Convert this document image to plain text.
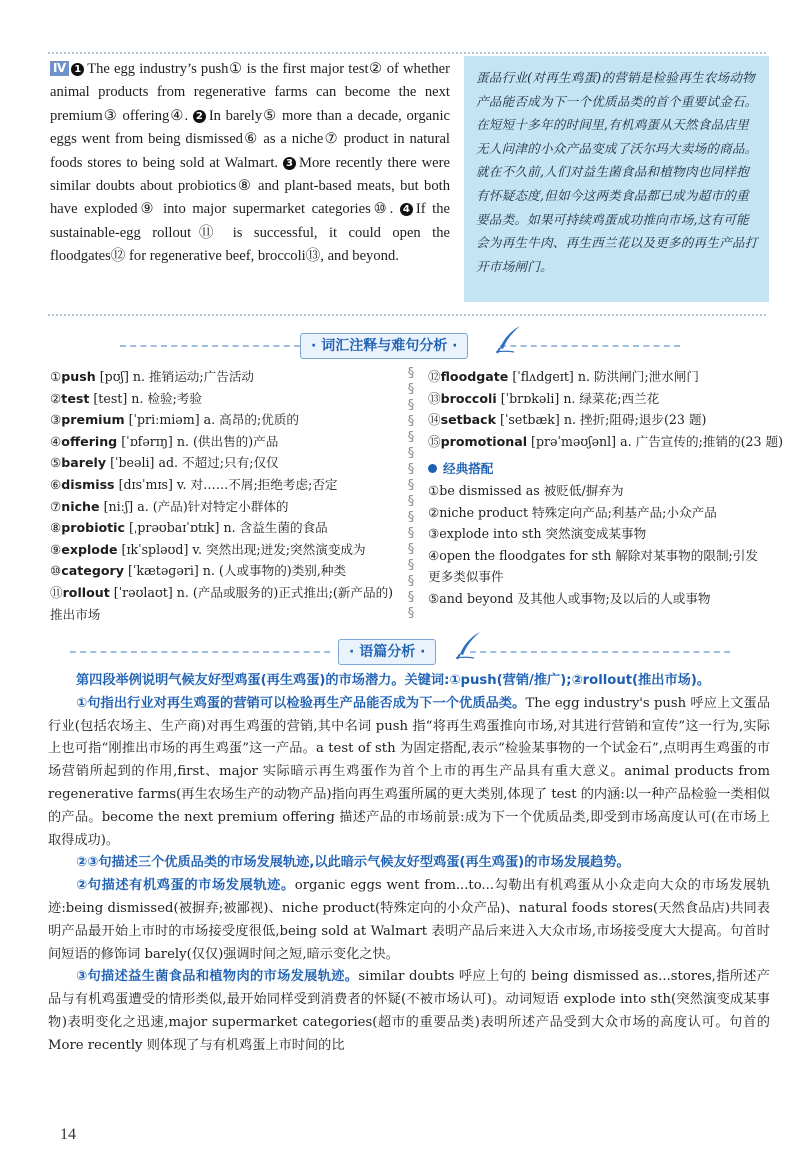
Ⅳ 1 The egg industry’s push① is the first major test② of whether animal products from regenerative farms can become the next premium③ offering④. 2 In barely⑤ more than a decade, organic eggs went from being dismissed⑥ as a niche⑦ product in natural foods stores to being sold at Walmart. 3 More recently there were similar doubts about probiotics⑧ and plant-based meats, but both have exploded⑨ into major supermarket categories⑩. 4 If the sustainable-egg rollout⑪ is successful, it could open the floodgates⑫ for regenerative beef, broccoli⑬, and beyond.
蛋品行业(对再生鸡蛋)的营销是检验再生农场动物产品能否成为下一个优质品类的首个重要试金石。在短短十多年的时间里,有机鸡蛋从天然食品店里无人问津的小众产品变成了沃尔玛大卖场的商品。就在不久前,人们对益生菌食品和植物肉也同样抱有怀疑态度,但如今这两类食品都已成为超市的重要品类。如果可持续鸡蛋成功推向市场,这有可能会为再生牛肉、再生西兰花以及更多的再生产品打开市场闸门。
· 词汇注释与难句分析 ·
①push [pʊʃ] n. 推销运动;广告活动
②test [test] n. 检验;考验
③premium [ˈpriːmiəm] a. 高昂的;优质的
④offering [ˈɒfərɪŋ] n. (供出售的)产品
⑤barely [ˈbeəli] ad. 不超过;只有;仅仅
⑥dismiss [dɪsˈmɪs] v. 对……不屑;拒绝考虑;否定
⑦niche [niːʃ] a. (产品)针对特定小群体的
⑧probiotic [ˌprəʊbaɪˈɒtɪk] n. 含益生菌的食品
⑨explode [ɪkˈspləʊd] v. 突然出现;迸发;突然演变成为
⑩category [ˈkætəɡəri] n. (人或事物的)类别,种类
⑪rollout [ˈrəʊlaʊt] n. (产品或服务的)正式推出;(新产品的)推出市场
§
§
§
§
§
§
§
§
§
§
§
§
§
§
§
§
⑫floodgate [ˈflʌdɡeɪt] n. 防洪闸门;泄水闸门
⑬broccoli [ˈbrɒkəli] n. 绿菜花;西兰花
⑭setback [ˈsetbæk] n. 挫折;阻碍;退步(23 题)
⑮promotional [prəˈməʊʃənl] a. 广告宣传的;推销的(23 题)
经典搭配
①be dismissed as 被贬低/摒弃为
②niche product 特殊定向产品;利基产品;小众产品
③explode into sth 突然演变成某事物
④open the floodgates for sth 解除对某事物的限制;引发更多类似事件
⑤and beyond 及其他人或事物;及以后的人或事物
· 语篇分析 ·

第四段举例说明气候友好型鸡蛋(再生鸡蛋)的市场潜力。关键词:①push(营销/推广);②rollout(推出市场)。

①句指出行业对再生鸡蛋的营销可以检验再生产品能否成为下一个优质品类。The egg industry's push 呼应上文蛋品行业(包括农场主、生产商)对再生鸡蛋的营销,其中名词 push 指“将再生鸡蛋推向市场,对其进行营销和宣传”这一行为,实际上也可指“刚推出市场的再生鸡蛋”这一产品。a test of sth 为固定搭配,表示“检验某事物的一个试金石”,点明再生鸡蛋的市场营销所起到的作用,first、major 实际暗示再生鸡蛋作为首个上市的再生产品具有重大意义。animal products from regenerative farms(再生农场生产的动物产品)指向再生鸡蛋所属的更大类别,体现了 test 的内涵:以一种产品检验一类相似的产品。become the next premium offering 描述产品的市场前景:成为下一个优质品类,即受到市场高度认可(在市场上取得成功)。

②③句描述三个优质品类的市场发展轨迹,以此暗示气候友好型鸡蛋(再生鸡蛋)的市场发展趋势。

②句描述有机鸡蛋的市场发展轨迹。organic eggs went from...to...勾勒出有机鸡蛋从小众走向大众的市场发展轨迹:being dismissed(被摒弃;被鄙视)、niche product(特殊定向的小众产品)、natural foods stores(天然食品店)共同表明产品最开始上市时的市场接受度很低,being sold at Walmart 表明产品后来进入大众市场,市场接受度大大提高。句首时间短语的修饰词 barely(仅仅)强调时间之短,暗示变化之快。

③句描述益生菌食品和植物肉的市场发展轨迹。similar doubts 呼应上句的 being dismissed as...stores,指所述产品与有机鸡蛋遭受的情形类似,最开始同样受到消费者的怀疑(不被市场认可)。动词短语 explode into sth(突然演变成某事物)表明变化之迅速,major supermarket categories(超市的重要品类)表明所述产品受到大众市场的高度认可。句首的 More recently 则体现了与有机鸡蛋上市时间的比

14
